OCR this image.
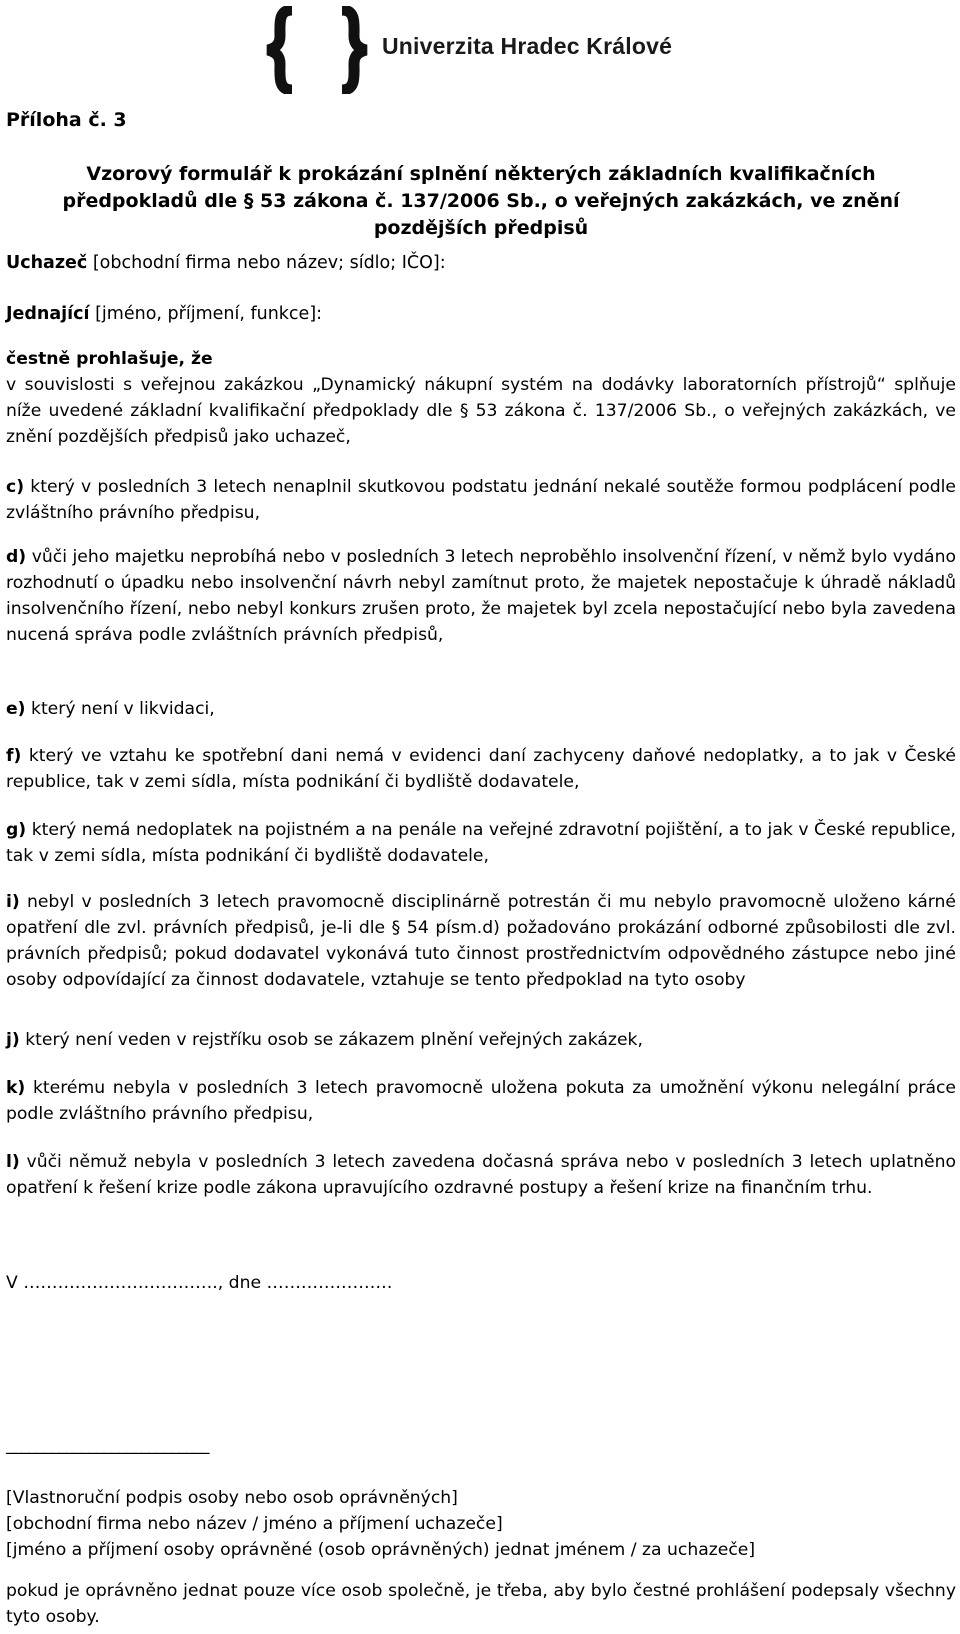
Univerzita Hradec Králové
Příloha č. 3
Vzorový formulář k prokázání splnění některých základních kvalifikačních
předpokladů dle § 53 zákona č. 137/2006 Sb., o veřejných zakázkách, ve znění
pozdějších předpisů
Uchazeč [obchodní firma nebo název; sídlo; IČO]:
Jednající [jméno, příjmení, funkce]:
čestně prohlašuje, že
v souvislosti s veřejnou zakázkou „Dynamický nákupní systém na dodávky laboratorních přístrojů“ splňuje níže uvedené základní kvalifikační předpoklady dle § 53 zákona č. 137/2006 Sb., o veřejných zakázkách, ve znění pozdějších předpisů jako uchazeč,
c) který v posledních 3 letech nenaplnil skutkovou podstatu jednání nekalé soutěže formou podplácení podle zvláštního právního předpisu,
d) vůči jeho majetku neprobíhá nebo v posledních 3 letech neproběhlo insolvenční řízení, v němž bylo vydáno rozhodnutí o úpadku nebo insolvenční návrh nebyl zamítnut proto, že majetek nepostačuje k úhradě nákladů insolvenčního řízení, nebo nebyl konkurs zrušen proto, že majetek byl zcela nepostačující nebo byla zavedena nucená správa podle zvláštních právních předpisů,
e) který není v likvidaci,
f) který ve vztahu ke spotřební dani nemá v evidenci daní zachyceny daňové nedoplatky, a to jak v České republice, tak v zemi sídla, místa podnikání či bydliště dodavatele,
g) který nemá nedoplatek na pojistném a na penále na veřejné zdravotní pojištění, a to jak v České republice, tak v zemi sídla, místa podnikání či bydliště dodavatele,
i) nebyl v posledních 3 letech pravomocně disciplinárně potrestán či mu nebylo pravomocně uloženo kárné opatření dle zvl. právních předpisů, je-li dle § 54 písm.d) požadováno prokázání odborné způsobilosti dle zvl. právních předpisů; pokud dodavatel vykonává tuto činnost prostřednictvím odpovědného zástupce nebo jiné osoby odpovídající za činnost dodavatele, vztahuje se tento předpoklad na tyto osoby
j) který není veden v rejstříku osob se zákazem plnění veřejných zakázek,
k) kterému nebyla v posledních 3 letech pravomocně uložena pokuta za umožnění výkonu nelegální práce podle zvláštního právního předpisu,
l) vůči němuž nebyla v posledních 3 letech zavedena dočasná správa nebo v posledních 3 letech uplatněno opatření k řešení krize podle zákona upravujícího ozdravné postupy a řešení krize na finančním trhu.
V ……………………………., dne ………………….
___________________________
[Vlastnoruční podpis osoby nebo osob oprávněných]
[obchodní firma nebo název / jméno a příjmení uchazeče]
[jméno a příjmení osoby oprávněné (osob oprávněných) jednat jménem / za uchazeče]
pokud je oprávněno jednat pouze více osob společně, je třeba, aby bylo čestné prohlášení podepsaly všechny tyto osoby.
